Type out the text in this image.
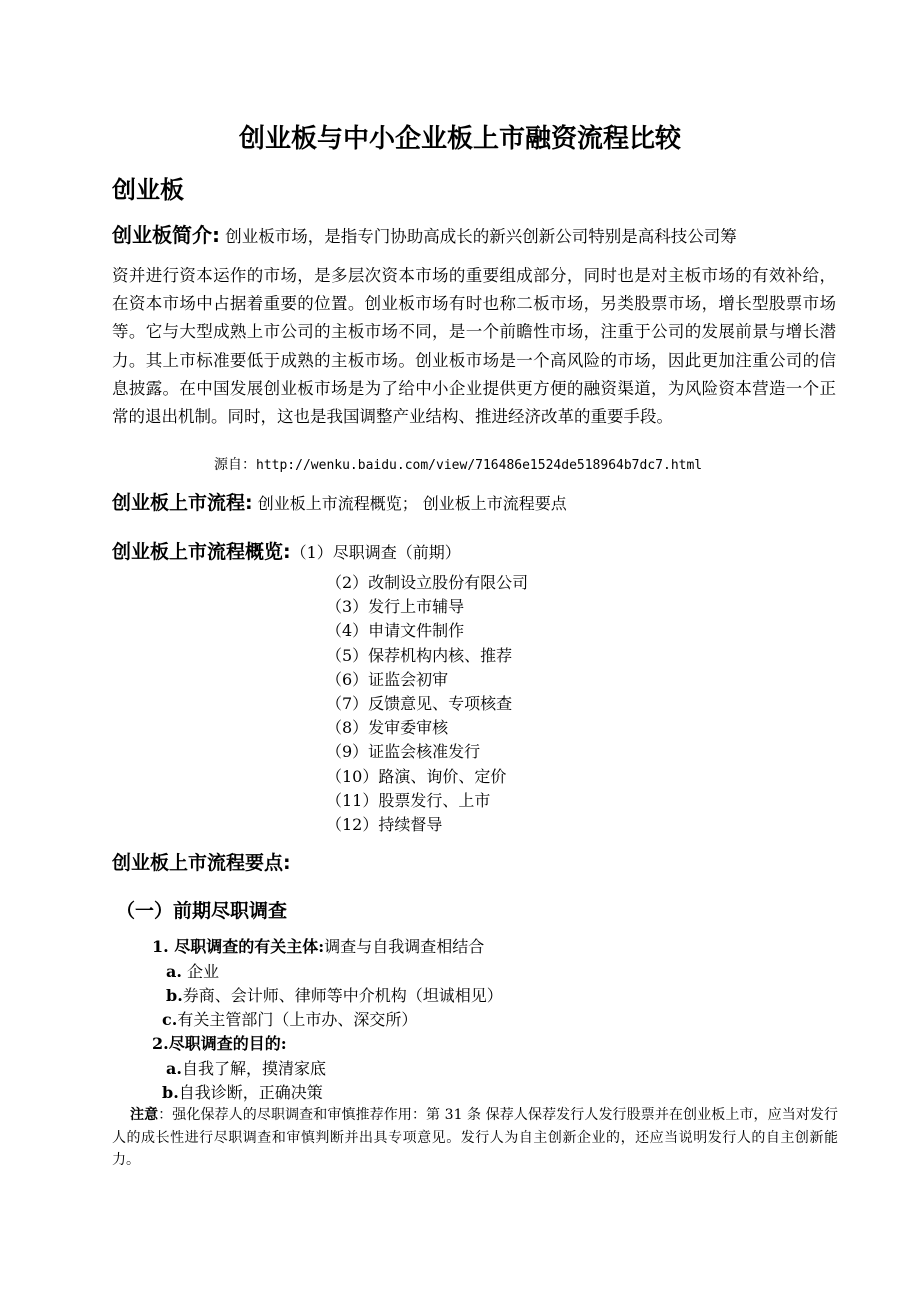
创业板与中小企业板上市融资流程比较
创业板
创业板简介: 创业板市场，是指专门协助高成长的新兴创新公司特别是高科技公司筹
资并进行资本运作的市场，是多层次资本市场的重要组成部分，同时也是对主板市场的有效补给，在资本市场中占据着重要的位置。创业板市场有时也称二板市场，另类股票市场，增长型股票市场等。它与大型成熟上市公司的主板市场不同，是一个前瞻性市场，注重于公司的发展前景与增长潜力。其上市标准要低于成熟的主板市场。创业板市场是一个高风险的市场，因此更加注重公司的信息披露。在中国发展创业板市场是为了给中小企业提供更方便的融资渠道，为风险资本营造一个正常的退出机制。同时，这也是我国调整产业结构、推进经济改革的重要手段。
源自：http://wenku.baidu.com/view/716486e1524de518964b7dc7.html
创业板上市流程: 创业板上市流程概览； 创业板上市流程要点
创业板上市流程概览:（1）尽职调查（前期）
（2）改制设立股份有限公司
（3）发行上市辅导
（4）申请文件制作
（5）保荐机构内核、推荐
（6）证监会初审
（7）反馈意见、专项核查
（8）发审委审核
（9）证监会核准发行
（10）路演、询价、定价
（11）股票发行、上市
（12）持续督导
创业板上市流程要点:
（一）前期尽职调查
1. 尽职调查的有关主体:调查与自我调查相结合
a. 企业
b.券商、会计师、律师等中介机构（坦诚相见）
c.有关主管部门（上市办、深交所）
2.尽职调查的目的:
a.自我了解，摸清家底
b.自我诊断，正确决策
注意：强化保荐人的尽职调查和审慎推荐作用：第 31 条 保荐人保荐发行人发行股票并在创业板上市，应当对发行人的成长性进行尽职调查和审慎判断并出具专项意见。发行人为自主创新企业的，还应当说明发行人的自主创新能力。
